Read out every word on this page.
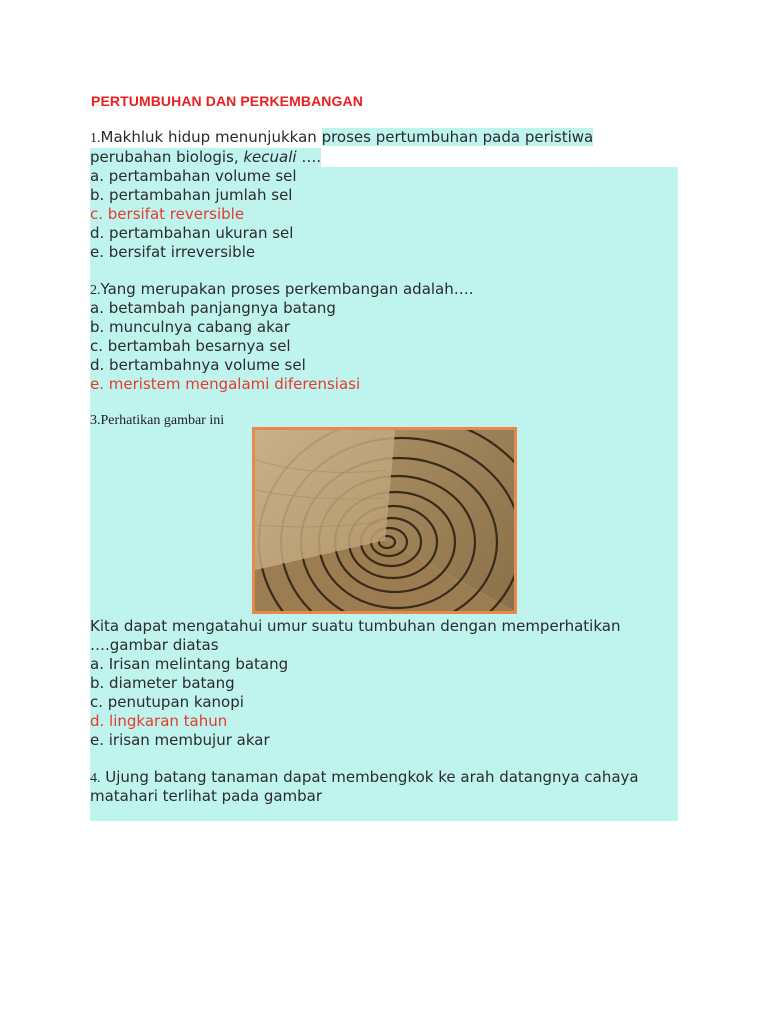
PERTUMBUHAN DAN PERKEMBANGAN
1.Makhluk hidup menunjukkan proses pertumbuhan pada peristiwa
perubahan biologis, kecuali ….
a. pertambahan volume sel
b. pertambahan jumlah sel
c. bersifat reversible
d. pertambahan ukuran sel
e. bersifat irreversible
2.Yang merupakan proses perkembangan adalah….
a. betambah panjangnya batang
b. munculnya cabang akar
c. bertambah besarnya sel
d. bertambahnya volume sel
e. meristem mengalami diferensiasi
3.Perhatikan gambar ini
Kita dapat mengatahui umur suatu tumbuhan dengan memperhatikan
….gambar diatas
a. Irisan melintang batang
b. diameter batang
c. penutupan kanopi
d. lingkaran tahun
e. irisan membujur akar
4. Ujung batang tanaman dapat membengkok ke arah datangnya cahaya
matahari terlihat pada gambar
